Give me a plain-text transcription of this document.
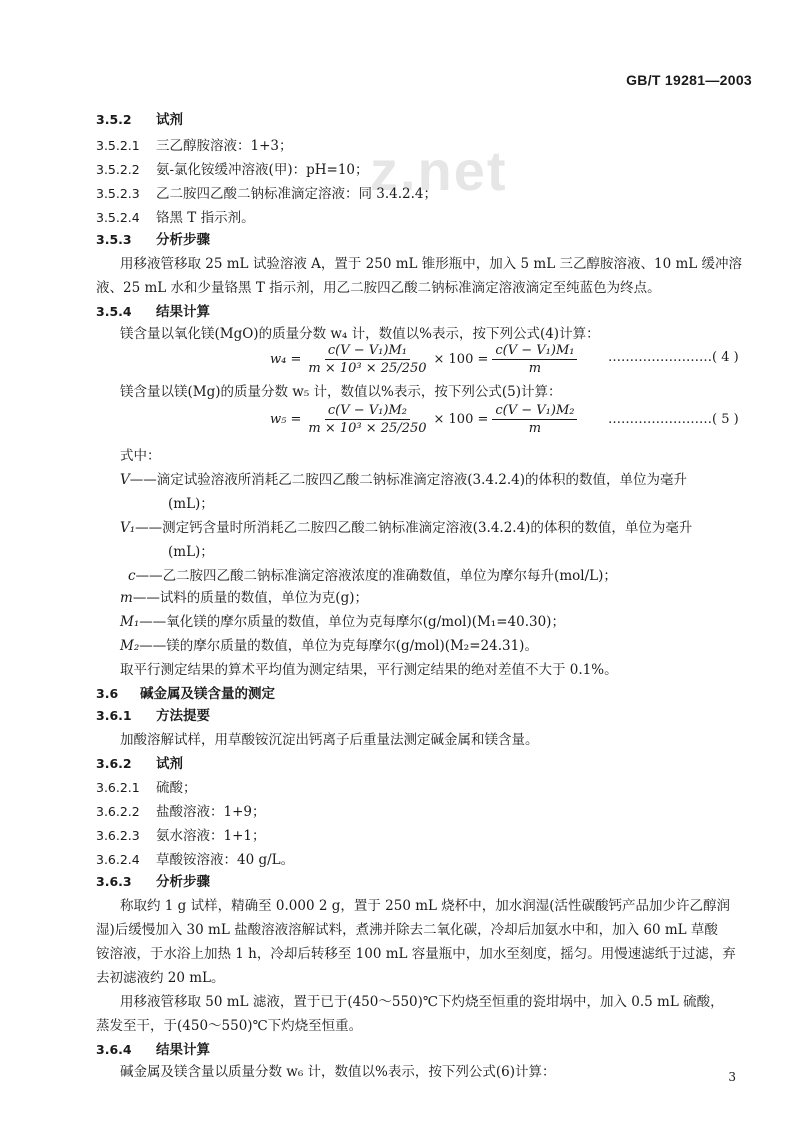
GB/T 19281—2003
z.net
3.5.2 试剂
3.5.2.1 三乙醇胺溶液：1+3；
3.5.2.2 氨-氯化铵缓冲溶液(甲)：pH=10；
3.5.2.3 乙二胺四乙酸二钠标准滴定溶液：同 3.4.2.4；
3.5.2.4 铬黑 T 指示剂。
3.5.3 分析步骤
用移液管移取 25 mL 试验溶液 A，置于 250 mL 锥形瓶中，加入 5 mL 三乙醇胺溶液、10 mL 缓冲溶
液、25 mL 水和少量铬黑 T 指示剂，用乙二胺四乙酸二钠标准滴定溶液滴定至纯蓝色为终点。
3.5.4 结果计算
镁含量以氧化镁(MgO)的质量分数 w₄ 计，数值以%表示，按下列公式(4)计算：
$w_4 = \frac{\text{c(V − V₁)M₁}}{\text{m × 10³ × 25/250}} \times 100 = \frac{\text{c(V − V₁)M₁}}{m}$ ……………………( 4 )
镁含量以镁(Mg)的质量分数 w₅ 计，数值以%表示，按下列公式(5)计算：
$w_5 = \frac{\text{c(V − V₁)M₂}}{\text{m × 10³ × 25/250}} \times 100 = \frac{\text{c(V − V₁)M₂}}{m}$ ……………………( 5 )
式中：
V——滴定试验溶液所消耗乙二胺四乙酸二钠标准滴定溶液(3.4.2.4)的体积的数值，单位为毫升
(mL)；
V₁——测定钙含量时所消耗乙二胺四乙酸二钠标准滴定溶液(3.4.2.4)的体积的数值，单位为毫升
(mL)；
c——乙二胺四乙酸二钠标准滴定溶液浓度的准确数值，单位为摩尔每升(mol/L)；
m——试料的质量的数值，单位为克(g)；
M₁——氧化镁的摩尔质量的数值，单位为克每摩尔(g/mol)(M₁=40.30)；
M₂——镁的摩尔质量的数值，单位为克每摩尔(g/mol)(M₂=24.31)。
取平行测定结果的算术平均值为测定结果，平行测定结果的绝对差值不大于 0.1%。
3.6 碱金属及镁含量的测定
3.6.1 方法提要
加酸溶解试样，用草酸铵沉淀出钙离子后重量法测定碱金属和镁含量。
3.6.2 试剂
3.6.2.1 硫酸；
3.6.2.2 盐酸溶液：1+9；
3.6.2.3 氨水溶液：1+1；
3.6.2.4 草酸铵溶液：40 g/L。
3.6.3 分析步骤
称取约 1 g 试样，精确至 0.000 2 g，置于 250 mL 烧杯中，加水润湿(活性碳酸钙产品加少许乙醇润
湿)后缓慢加入 30 mL 盐酸溶液溶解试料，煮沸并除去二氧化碳，冷却后加氨水中和，加入 60 mL 草酸
铵溶液，于水浴上加热 1 h，冷却后转移至 100 mL 容量瓶中，加水至刻度，摇匀。用慢速滤纸于过滤，弃
去初滤液约 20 mL。
用移液管移取 50 mL 滤液，置于已于(450～550)℃下灼烧至恒重的瓷坩埚中，加入 0.5 mL 硫酸，
蒸发至干，于(450～550)℃下灼烧至恒重。
3.6.4 结果计算
碱金属及镁含量以质量分数 w₆ 计，数值以%表示，按下列公式(6)计算：	3
